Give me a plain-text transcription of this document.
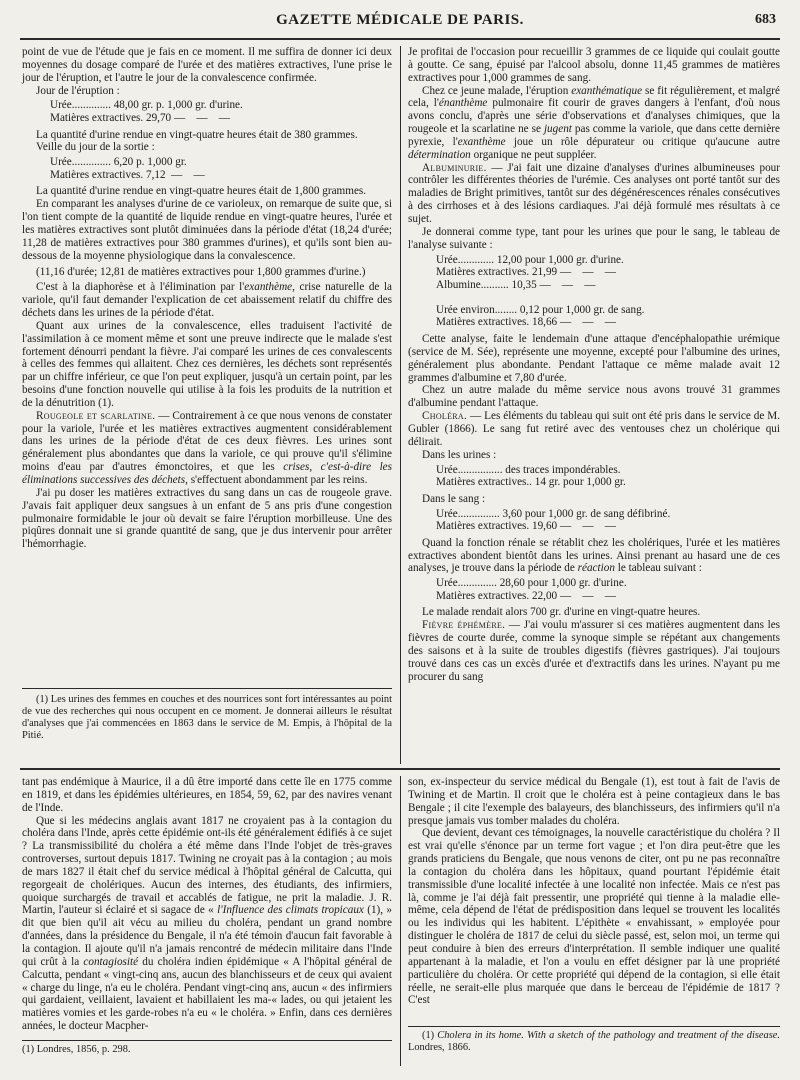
GAZETTE MÉDICALE DE PARIS.	683

point de vue de l'étude que je fais en ce moment. Il me suffira de donner ici deux moyennes du dosage comparé de l'urée et des matières extractives, l'une prise le jour de l'éruption, et l'autre le jour de la convalescence confirmée.

Jour de l'éruption :

Urée.............. 48,00 gr. p. 1,000 gr. d'urine.
Matières extractives. 29,70 —    —    —

La quantité d'urine rendue en vingt-quatre heures était de 380 grammes.

Veille du jour de la sortie :

Urée.............. 6,20 p. 1,000 gr.
Matières extractives. 7,12  —    —

La quantité d'urine rendue en vingt-quatre heures était de 1,800 grammes.

En comparant les analyses d'urine de ce varioleux, on remarque de suite que, si l'on tient compte de la quantité de liquide rendue en vingt-quatre heures, l'urée et les matières extractives sont plutôt diminuées dans la période d'état (18,24 d'urée; 11,28 de matières extractives pour 380 grammes d'urines), et qu'ils sont bien au-dessous de la moyenne physiologique dans la convalescence.

(11,16 d'urée; 12,81 de matières extractives pour 1,800 grammes d'urine.)

C'est à la diaphorèse et à l'élimination par l'exanthème, crise naturelle de la variole, qu'il faut demander l'explication de cet abaissement relatif du chiffre des déchets dans les urines de la période d'état.

Quant aux urines de la convalescence, elles traduisent l'activité de l'assimilation à ce moment même et sont une preuve indirecte que le malade s'est fortement dénourri pendant la fièvre. J'ai comparé les urines de ces convalescents à celles des femmes qui allaitent. Chez ces dernières, les déchets sont représentés par un chiffre inférieur, ce que l'on peut expliquer, jusqu'à un certain point, par les besoins d'une fonction nouvelle qui utilise à la fois les produits de la nutrition et de la dénutrition (1).

Rougeole et scarlatine. — Contrairement à ce que nous venons de constater pour la variole, l'urée et les matières extractives augmentent considérablement dans les urines de la période d'état de ces deux fièvres. Les urines sont généralement plus abondantes que dans la variole, ce qui prouve qu'il s'élimine moins d'eau par d'autres émonctoires, et que les crises, c'est-à-dire les éliminations successives des déchets, s'effectuent abondamment par les reins.

J'ai pu doser les matières extractives du sang dans un cas de rougeole grave. J'avais fait appliquer deux sangsues à un enfant de 5 ans pris d'une congestion pulmonaire formidable le jour où devait se faire l'éruption morbilleuse. Une des piqûres donnait une si grande quantité de sang, que je dus intervenir pour arrêter l'hémorrhagie.

(1) Les urines des femmes en couches et des nourrices sont fort intéressantes au point de vue des recherches qui nous occupent en ce moment. Je donnerai ailleurs le résultat d'analyses que j'ai commencées en 1863 dans le service de M. Empis, à l'hôpital de la Pitié.

Je profitai de l'occasion pour recueillir 3 grammes de ce liquide qui coulait goutte à goutte. Ce sang, épuisé par l'alcool absolu, donne 11,45 grammes de matières extractives pour 1,000 grammes de sang.

Chez ce jeune malade, l'éruption exanthématique se fit régulièrement, et malgré cela, l'énanthème pulmonaire fit courir de graves dangers à l'enfant, d'où nous avons conclu, d'après une série d'observations et d'analyses chimiques, que la rougeole et la scarlatine ne se jugent pas comme la variole, que dans cette dernière pyrexie, l'exanthème joue un rôle dépurateur ou critique qu'aucune autre détermination organique ne peut suppléer.

Albuminurie. — J'ai fait une dizaine d'analyses d'urines albumineuses pour contrôler les différentes théories de l'urémie. Ces analyses ont porté tantôt sur des maladies de Bright primitives, tantôt sur des dégénérescences rénales consécutives à des cirrhoses et à des lésions cardiaques. J'ai déjà formulé mes résultats à ce sujet.

Je donnerai comme type, tant pour les urines que pour le sang, le tableau de l'analyse suivante :

Urée............. 12,00 pour 1,000 gr. d'urine.
Matières extractives. 21,99 —    —    —
Albumine.......... 10,35 —    —    —

Urée environ........ 0,12 pour 1,000 gr. de sang.
Matières extractives. 18,66 —    —    —

Cette analyse, faite le lendemain d'une attaque d'encéphalopathie urémique (service de M. Sée), représente une moyenne, excepté pour l'albumine des urines, généralement plus abondante. Pendant l'attaque ce même malade avait 12 grammes d'albumine et 7,80 d'urée.

Chez un autre malade du même service nous avons trouvé 31 grammes d'albumine pendant l'attaque.

Choléra. — Les éléments du tableau qui suit ont été pris dans le service de M. Gubler (1866). Le sang fut retiré avec des ventouses chez un cholérique qui délirait.

Dans les urines :

Urée................ des traces impondérables.
Matières extractives.. 14 gr. pour 1,000 gr.

Dans le sang :

Urée............... 3,60 pour 1,000 gr. de sang défibriné.
Matières extractives. 19,60 —    —    —

Quand la fonction rénale se rétablit chez les cholériques, l'urée et les matières extractives abondent bientôt dans les urines. Ainsi prenant au hasard une de ces analyses, je trouve dans la période de réaction le tableau suivant :

Urée.............. 28,60 pour 1,000 gr. d'urine.
Matières extractives. 22,00 —    —    —

Le malade rendait alors 700 gr. d'urine en vingt-quatre heures.

Fièvre éphémère. — J'ai voulu m'assurer si ces matières augmentent dans les fièvres de courte durée, comme la synoque simple se répétant aux changements des saisons et à la suite de troubles digestifs (fièvres gastriques). J'ai toujours trouvé dans ces cas un excès d'urée et d'extractifs dans les urines. N'ayant pu me procurer du sang

tant pas endémique à Maurice, il a dû être importé dans cette île en 1775 comme en 1819, et dans les épidémies ultérieures, en 1854, 59, 62, par des navires venant de l'Inde.

Que si les médecins anglais avant 1817 ne croyaient pas à la contagion du choléra dans l'Inde, après cette épidémie ont-ils été généralement édifiés à ce sujet ? La transmissibilité du choléra a été même dans l'Inde l'objet de très-graves controverses, surtout depuis 1817. Twining ne croyait pas à la contagion ; au mois de mars 1827 il était chef du service médical à l'hôpital général de Calcutta, qui regorgeait de cholériques. Aucun des internes, des étudiants, des infirmiers, quoique surchargés de travail et accablés de fatigue, ne prit la maladie. J. R. Martin, l'auteur si éclairé et si sagace de « l'Influence des climats tropicaux (1), » dit que bien qu'il ait vécu au milieu du choléra, pendant un grand nombre d'années, dans la présidence du Bengale, il n'a été témoin d'aucun fait favorable à la contagion. Il ajoute qu'il n'a jamais rencontré de médecin militaire dans l'Inde qui crût à la contagiosité du choléra indien épidémique « A l'hôpital général de Calcutta, pendant « vingt-cinq ans, aucun des blanchisseurs et de ceux qui avaient « charge du linge, n'a eu le choléra. Pendant vingt-cinq ans, aucun « des infirmiers qui gardaient, veillaient, lavaient et habillaient les ma-« lades, ou qui jetaient les matières vomies et les garde-robes n'a eu « le choléra. » Enfin, dans ces dernières années, le docteur Macpher-

(1) Londres, 1856, p. 298.

son, ex-inspecteur du service médical du Bengale (1), est tout à fait de l'avis de Twining et de Martin. Il croit que le choléra est à peine contagieux dans le bas Bengale ; il cite l'exemple des balayeurs, des blanchisseurs, des infirmiers qu'il n'a presque jamais vus tomber malades du choléra.

Que devient, devant ces témoignages, la nouvelle caractéristique du choléra ? Il est vrai qu'elle s'énonce par un terme fort vague ; et l'on dira peut-être que les grands praticiens du Bengale, que nous venons de citer, ont pu ne pas reconnaître la contagion du choléra dans les hôpitaux, quand pourtant l'épidémie était transmissible d'une localité infectée à une localité non infectée. Mais ce n'est pas là, comme je l'ai déjà fait pressentir, une propriété qui tienne à la maladie elle-même, cela dépend de l'état de prédisposition dans lequel se trouvent les localités ou les individus qui les habitent. L'épithète « envahissant, » employée pour distinguer le choléra de 1817 de celui du siècle passé, est, selon moi, un terme qui peut conduire à bien des erreurs d'interprétation. Il semble indiquer une qualité appartenant à la maladie, et l'on a voulu en effet désigner par là une propriété particulière du choléra. Or cette propriété qui dépend de la contagion, si elle était réelle, ne serait-elle plus marquée que dans le berceau de l'épidémie de 1817 ? C'est

(1) Cholera in its home. With a sketch of the pathology and treatment of the disease. Londres, 1866.
